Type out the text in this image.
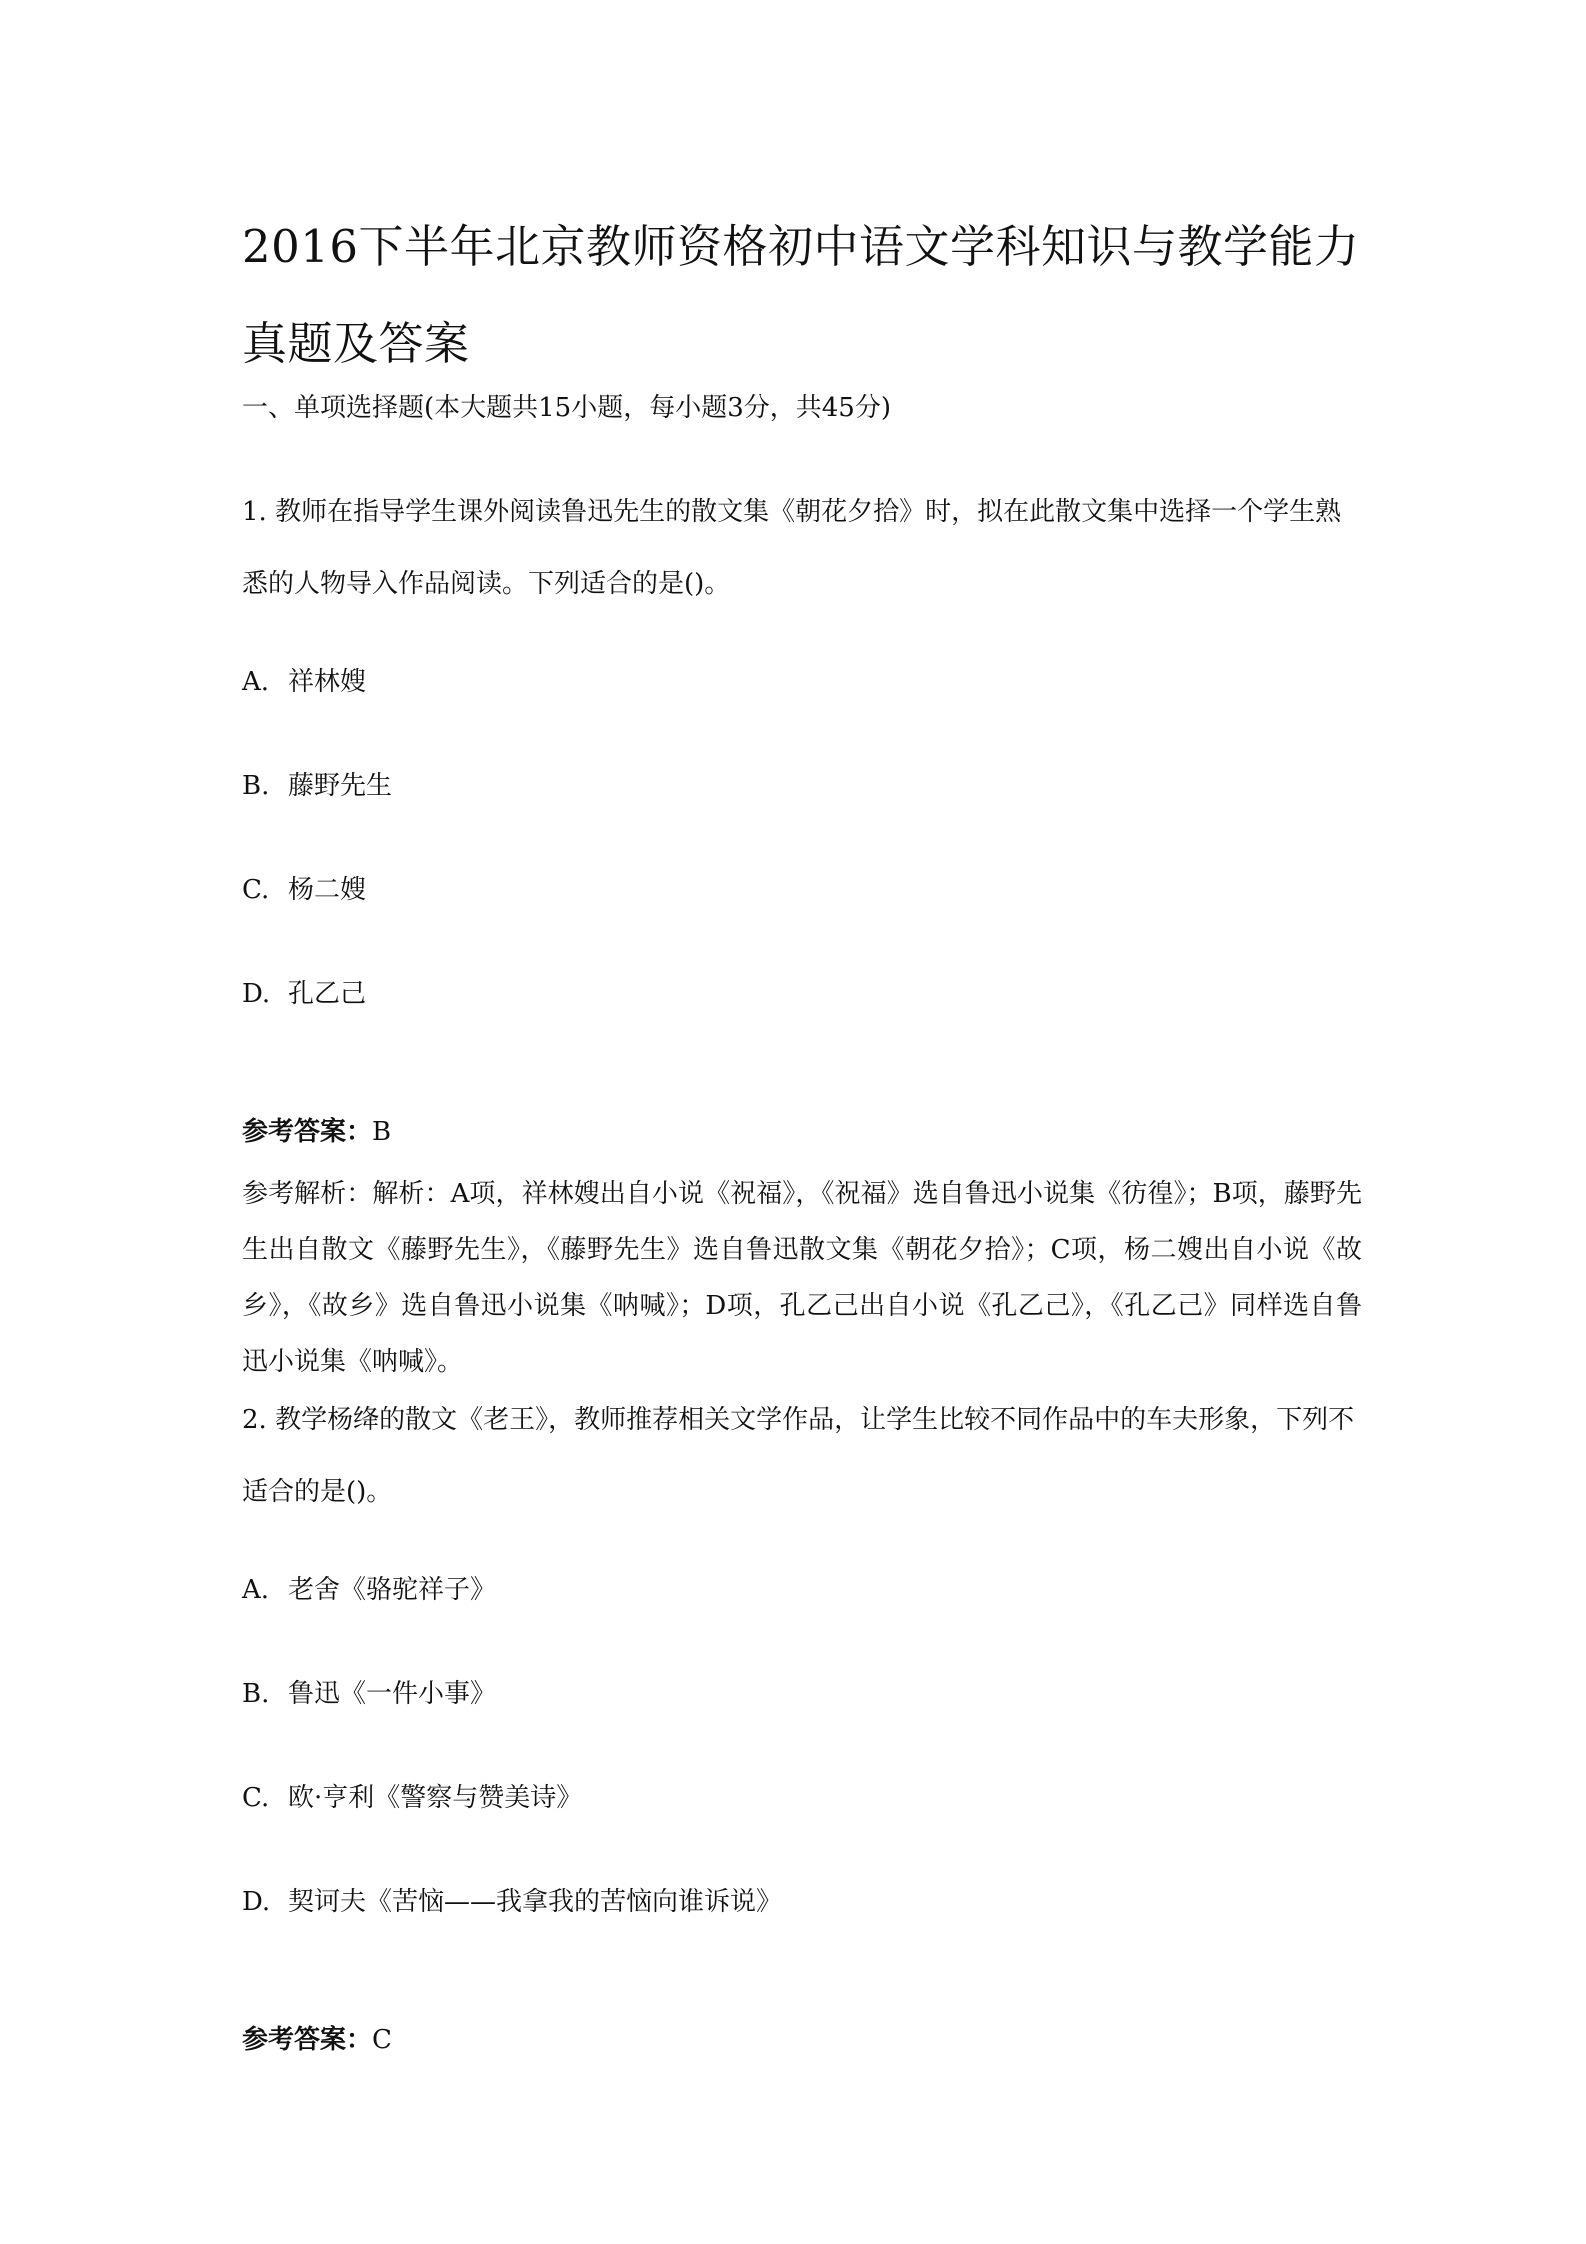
2016下半年北京教师资格初中语文学科知识与教学能力真题及答案

一、单项选择题(本大题共15小题，每小题3分，共45分)

1. 教师在指导学生课外阅读鲁迅先生的散文集《朝花夕拾》时，拟在此散文集中选择一个学生熟悉的人物导入作品阅读。下列适合的是()。

A. 祥林嫂

B. 藤野先生

C. 杨二嫂

D. 孔乙己

参考答案：B

参考解析：解析：A项，祥林嫂出自小说《祝福》，《祝福》选自鲁迅小说集《彷徨》；B项，藤野先生出自散文《藤野先生》，《藤野先生》选自鲁迅散文集《朝花夕拾》；C项，杨二嫂出自小说《故乡》，《故乡》选自鲁迅小说集《呐喊》；D项，孔乙己出自小说《孔乙己》，《孔乙己》同样选自鲁迅小说集《呐喊》。

2. 教学杨绛的散文《老王》，教师推荐相关文学作品，让学生比较不同作品中的车夫形象，下列不适合的是()。

A. 老舍《骆驼祥子》

B. 鲁迅《一件小事》

C. 欧·亨利《警察与赞美诗》

D. 契诃夫《苦恼——我拿我的苦恼向谁诉说》

参考答案：C
